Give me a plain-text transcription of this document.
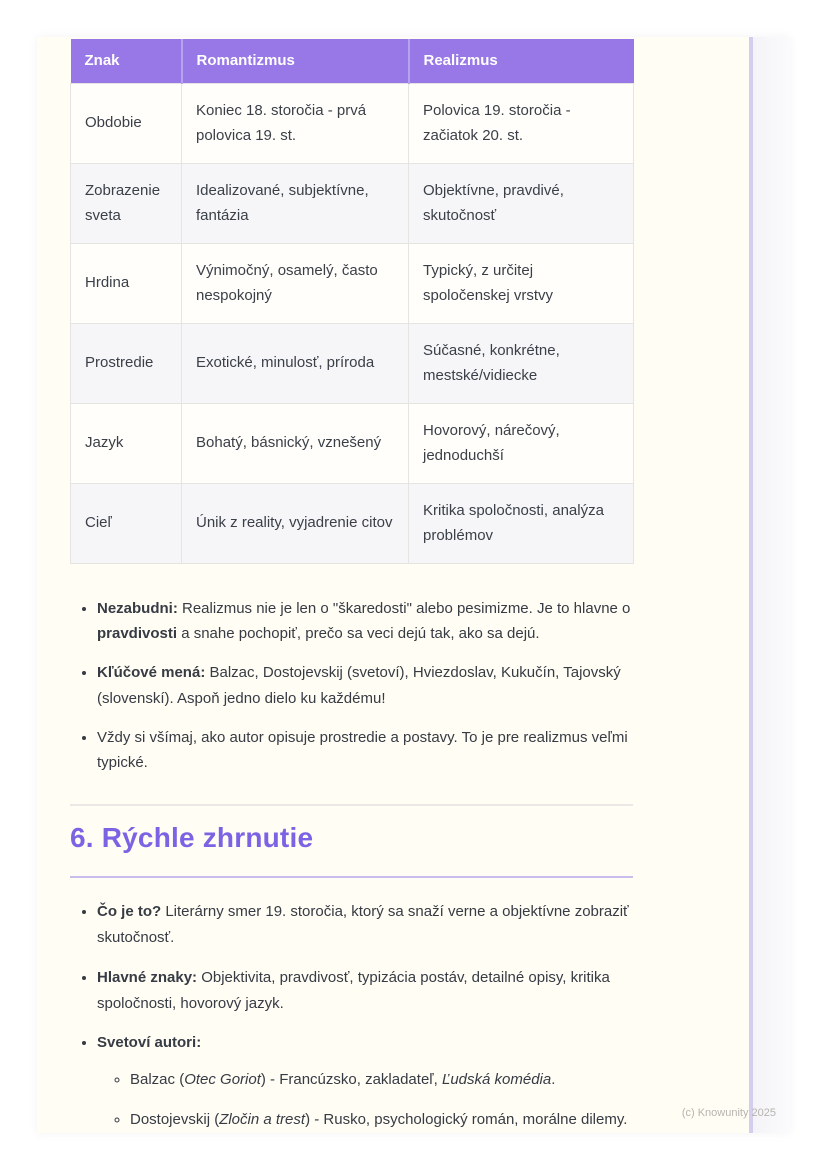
Znak	Romantizmus	Realizmus
Obdobie	Koniec 18. storočia - prvá polovica 19. st.	Polovica 19. storočia - začiatok 20. st.
Zobrazenie sveta	Idealizované, subjektívne, fantázia	Objektívne, pravdivé, skutočnosť
Hrdina	Výnimočný, osamelý, často nespokojný	Typický, z určitej spoločenskej vrstvy
Prostredie	Exotické, minulosť, príroda	Súčasné, konkrétne, mestské/vidiecke
Jazyk	Bohatý, básnický, vznešený	Hovorový, nárečový, jednoduchší
Cieľ	Únik z reality, vyjadrenie citov	Kritika spoločnosti, analýza problémov
• Nezabudni: Realizmus nie je len o "škaredosti" alebo pesimizme. Je to hlavne o pravdivosti a snahe pochopiť, prečo sa veci dejú tak, ako sa dejú.
• Kľúčové mená: Balzac, Dostojevskij (svetoví), Hviezdoslav, Kukučín, Tajovský (slovenskí). Aspoň jedno dielo ku každému!
• Vždy si všímaj, ako autor opisuje prostredie a postavy. To je pre realizmus veľmi typické.
6. Rýchle zhrnutie
• Čo je to? Literárny smer 19. storočia, ktorý sa snaží verne a objektívne zobraziť skutočnosť.
• Hlavné znaky: Objektivita, pravdivosť, typizácia postáv, detailné opisy, kritika spoločnosti, hovorový jazyk.
• Svetoví autori:
◦ Balzac (Otec Goriot) - Francúzsko, zakladateľ, Ľudská komédia.
◦ Dostojevskij (Zločin a trest) - Rusko, psychologický román, morálne dilemy.	(c) Knowunity 2025
